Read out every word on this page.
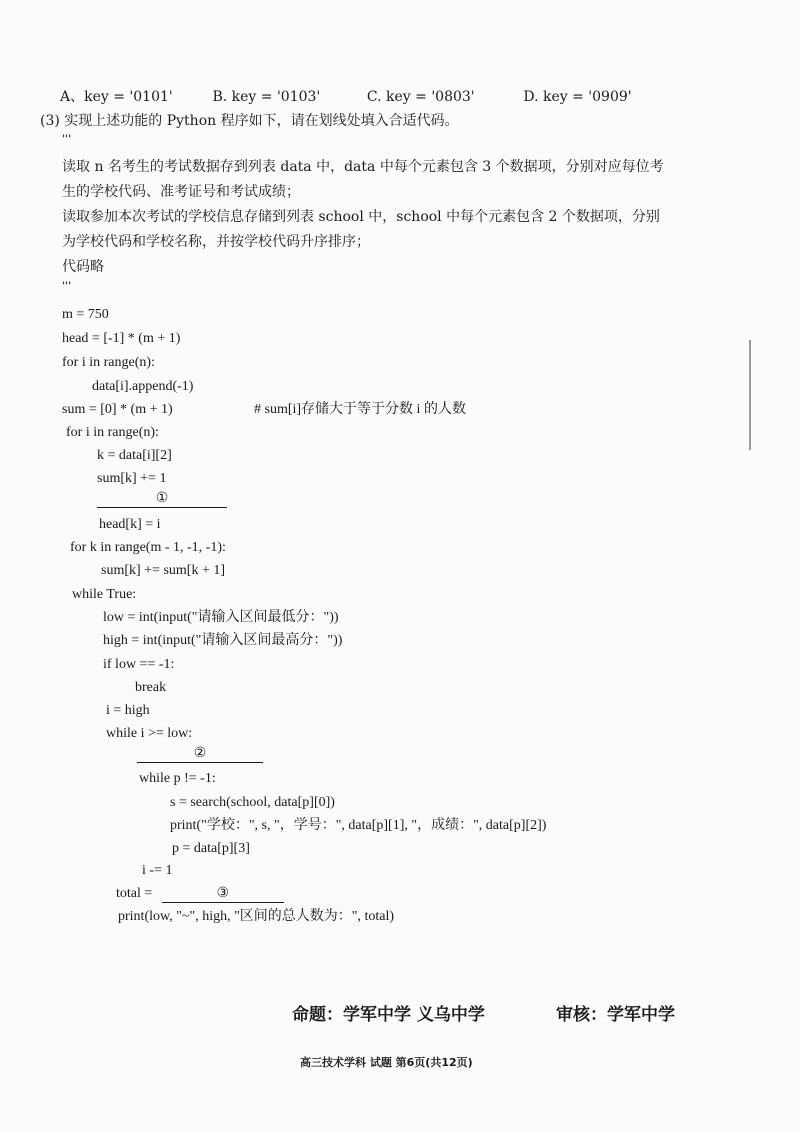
A、key = '0101'	B. key = '0103'	C. key = '0803'	D. key = '0909'
(3) 实现上述功能的 Python 程序如下，请在划线处填入合适代码。
'''
读取 n 名考生的考试数据存到列表 data 中，data 中每个元素包含 3 个数据项，分别对应每位考
生的学校代码、准考证号和考试成绩；
读取参加本次考试的学校信息存储到列表 school 中，school 中每个元素包含 2 个数据项，分别
为学校代码和学校名称，并按学校代码升序排序；
代码略
'''
m = 750
head = [-1] * (m + 1)
for i in range(n):
data[i].append(-1)
sum = [0] * (m + 1)	# sum[i]存储大于等于分数 i 的人数
for i in range(n):
k = data[i][2]
sum[k] += 1
①
head[k] = i
for k in range(m - 1, -1, -1):
sum[k] += sum[k + 1]
while True:
low = int(input("请输入区间最低分："))
high = int(input("请输入区间最高分："))
if low == -1:
break
i = high
while i >= low:
②
while p != -1:
s = search(school, data[p][0])
print("学校：", s, "，学号：", data[p][1], "，成绩：", data[p][2])
p = data[p][3]
i -= 1
total =	③
print(low, "~", high, "区间的总人数为：", total)
命题：学军中学 义乌中学	审核：学军中学
高三技术学科 试题 第6页(共12页)
